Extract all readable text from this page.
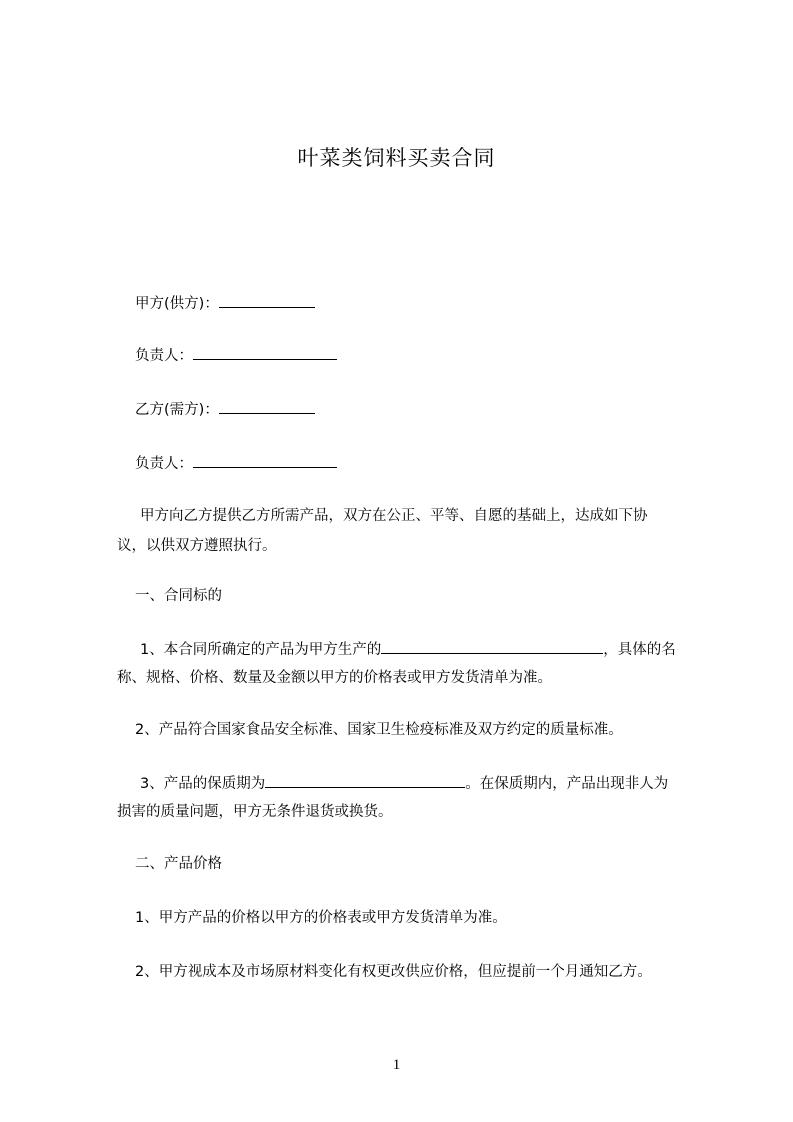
叶菜类饲料买卖合同
甲方(供方)：
负责人：
乙方(需方)：
负责人：
甲方向乙方提供乙方所需产品，双方在公正、平等、自愿的基础上，达成如下协
议，以供双方遵照执行。
一、合同标的
1、本合同所确定的产品为甲方生产的	，具体的名
称、规格、价格、数量及金额以甲方的价格表或甲方发货清单为准。
2、产品符合国家食品安全标准、国家卫生检疫标准及双方约定的质量标准。
3、产品的保质期为	。在保质期内，产品出现非人为
损害的质量问题，甲方无条件退货或换货。
二、产品价格
1、甲方产品的价格以甲方的价格表或甲方发货清单为准。
2、甲方视成本及市场原材料变化有权更改供应价格，但应提前一个月通知乙方。
1
